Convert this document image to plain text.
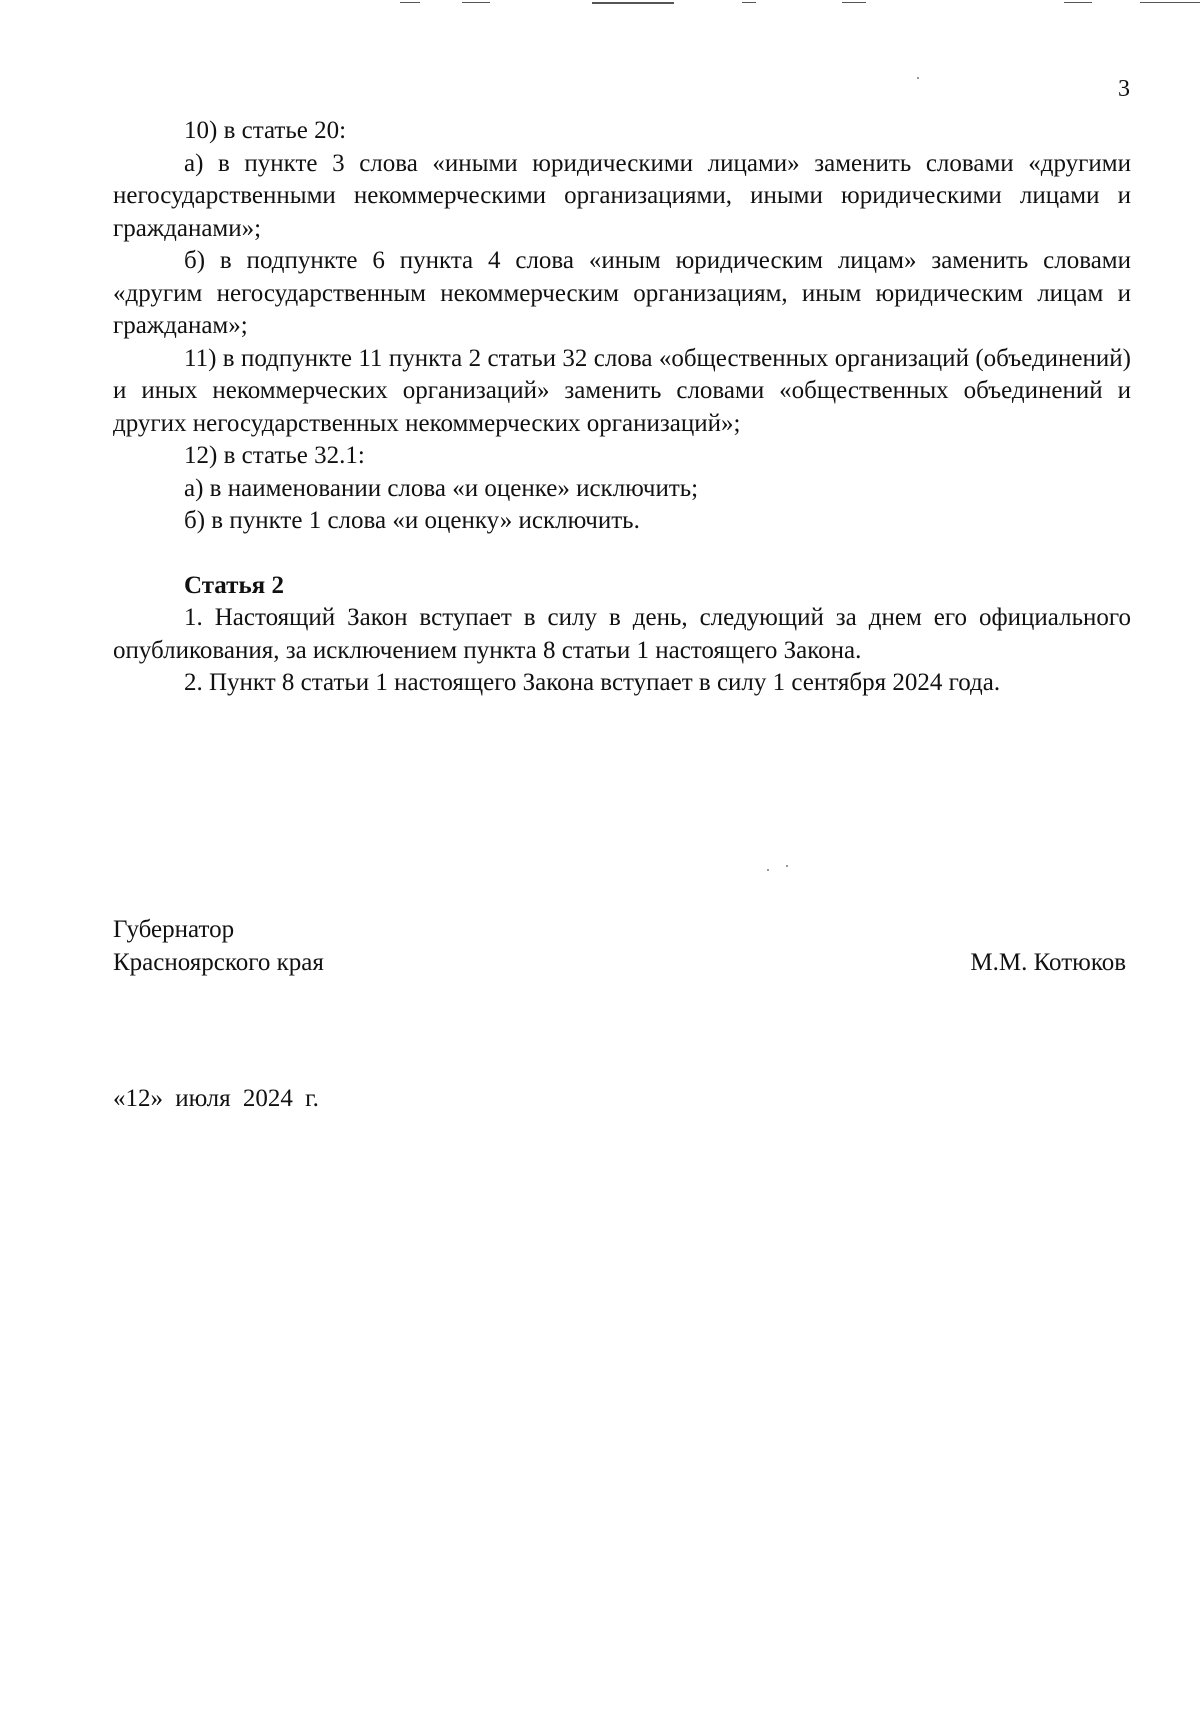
3

10) в статье 20:

а) в пункте 3 слова «иными юридическими лицами» заменить словами «другими негосударственными некоммерческими организациями, иными юридическими лицами и гражданами»;

б) в подпункте 6 пункта 4 слова «иным юридическим лицам» заменить словами «другим негосударственным некоммерческим организациям, иным юридическим лицам и гражданам»;

11) в подпункте 11 пункта 2 статьи 32 слова «общественных организаций (объединений) и иных некоммерческих организаций» заменить словами «общественных объединений и других негосударственных некоммерческих организаций»;

12) в статье 32.1:

а) в наименовании слова «и оценке» исключить;

б) в пункте 1 слова «и оценку» исключить.

Статья 2

1. Настоящий Закон вступает в силу в день, следующий за днем его официального опубликования, за исключением пункта 8 статьи 1 настоящего Закона.

2. Пункт 8 статьи 1 настоящего Закона вступает в силу 1 сентября 2024 года.

Губернатор
Красноярского края	М.М. Котюков
«12» июля 2024 г.
